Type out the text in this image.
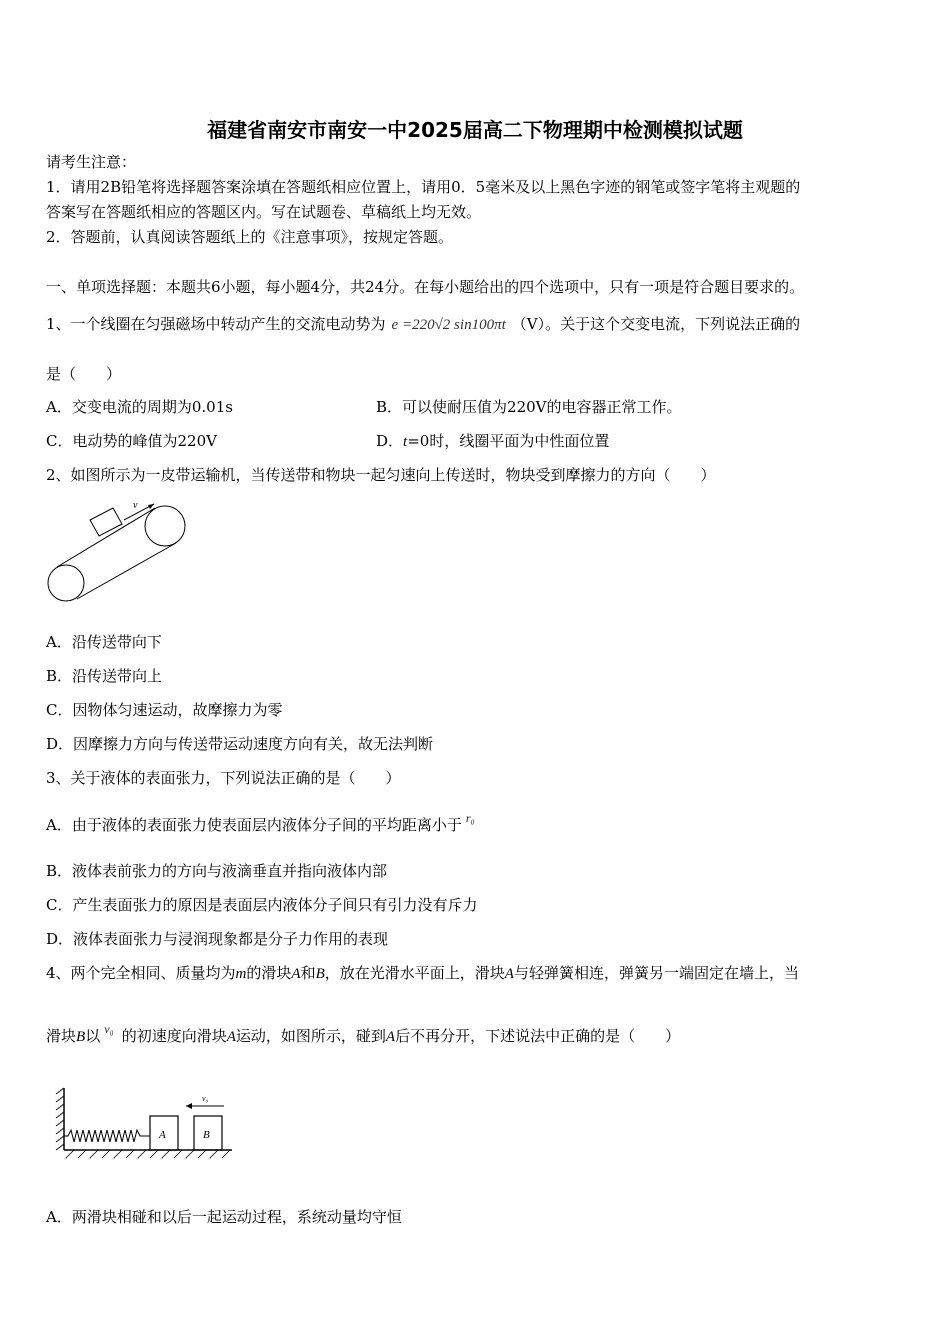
福建省南安市南安一中2025届高二下物理期中检测模拟试题
请考生注意：
1．请用2B铅笔将选择题答案涂填在答题纸相应位置上，请用0．5毫米及以上黑色字迹的钢笔或签字笔将主观题的
答案写在答题纸相应的答题区内。写在试题卷、草稿纸上均无效。
2．答题前，认真阅读答题纸上的《注意事项》，按规定答题。
一、单项选择题：本题共6小题，每小题4分，共24分。在每小题给出的四个选项中，只有一项是符合题目要求的。
1、一个线圈在匀强磁场中转动产生的交流电动势为 e =220√2 sin100πt （V）。关于这个交变电流，下列说法正确的
是（　　）
A．交变电流的周期为0.01s	B．可以使耐压值为220V的电容器正常工作。
C．电动势的峰值为220V	D．t=0时，线圈平面为中性面位置
2、如图所示为一皮带运输机，当传送带和物块一起匀速向上传送时，物块受到摩擦力的方向（　　）
v
A．沿传送带向下
B．沿传送带向上
C．因物体匀速运动，故摩擦力为零
D．因摩擦力方向与传送带运动速度方向有关，故无法判断
3、关于液体的表面张力，下列说法正确的是（　　）
A．由于液体的表面张力使表面层内液体分子间的平均距离小于 $^{r_0}$
B．液体表前张力的方向与液滴垂直并指向液体内部
C．产生表面张力的原因是表面层内液体分子间只有引力没有斥力
D．液体表面张力与浸润现象都是分子力作用的表现
4、两个完全相同、质量均为m的滑块A和B，放在光滑水平面上，滑块A与轻弹簧相连，弹簧另一端固定在墙上，当
滑块B以 $^{v_0}$ 的初速度向滑块A运动，如图所示，碰到A后不再分开，下述说法中正确的是（　　）
A	B
v₀
A．两滑块相碰和以后一起运动过程，系统动量均守恒
